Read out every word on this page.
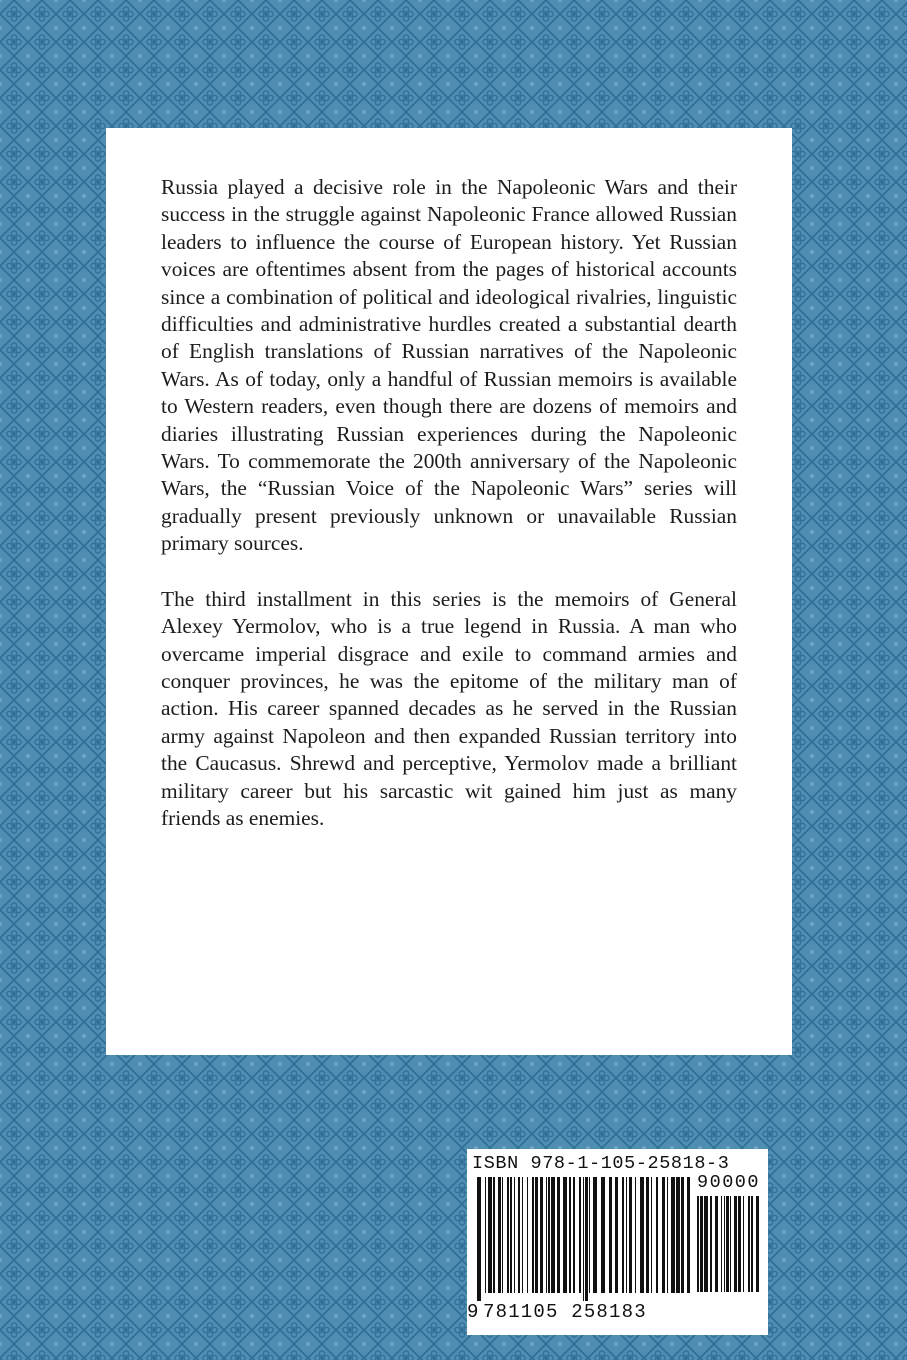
Russia played a decisive role in the Napoleonic Wars and their success in the struggle against Napoleonic France allowed Russian leaders to influence the course of European history. Yet Russian voices are oftentimes absent from the pages of historical accounts since a combination of political and ideological rivalries, linguistic difficulties and administrative hurdles created a substantial dearth of English translations of Russian narratives of the Napoleonic Wars. As of today, only a handful of Russian memoirs is available to Western readers, even though there are dozens of memoirs and diaries illustrating Russian experiences during the Napoleonic Wars. To commemorate the 200th anniversary of the Napoleonic Wars, the “Russian Voice of the Napoleonic Wars” series will gradually present previously unknown or unavailable Russian primary sources.

The third installment in this series is the memoirs of General Alexey Yermolov, who is a true legend in Russia. A man who overcame imperial disgrace and exile to command armies and conquer provinces, he was the epitome of the military man of action. His career spanned decades as he served in the Russian army against Napoleon and then expanded Russian territory into the Caucasus. Shrewd and perceptive, Yermolov made a brilliant military career but his sarcastic wit gained him just as many friends as enemies.

ISBN 978-1-105-25818-3
90000
9 781105 258183
